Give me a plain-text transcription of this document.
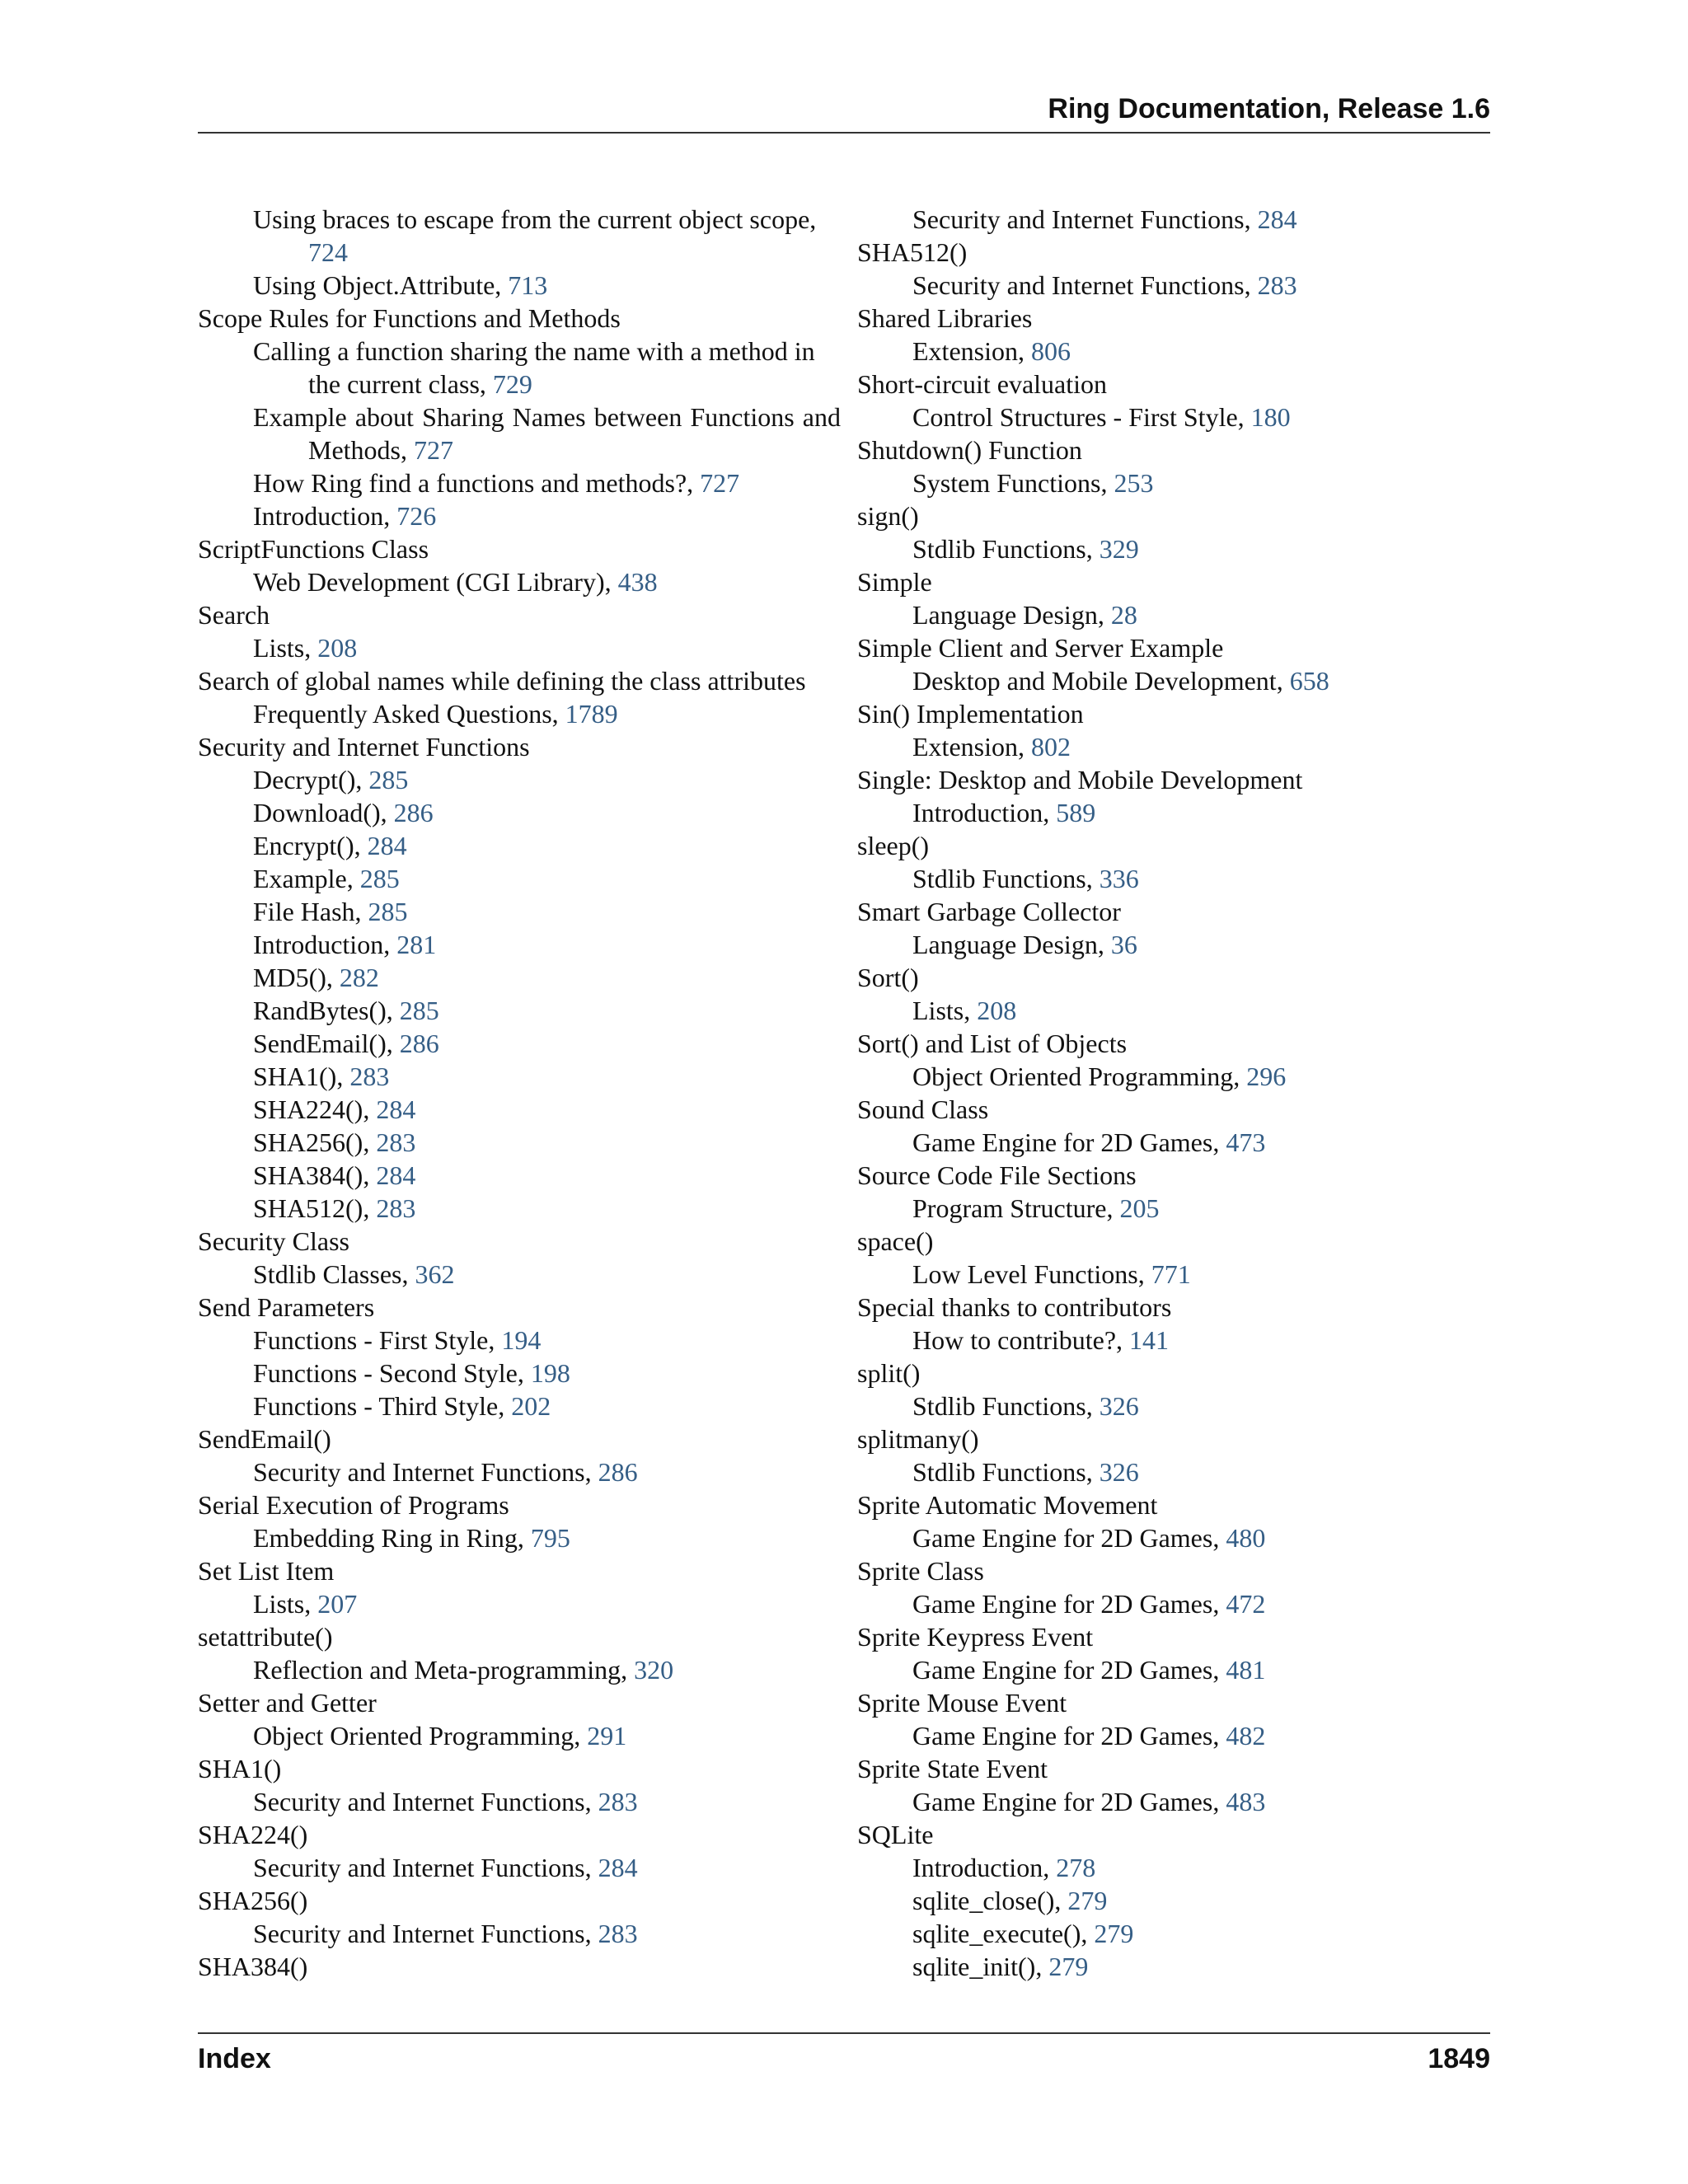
Ring Documentation, Release 1.6
Using braces to escape from the current object scope, 724
Using Object.Attribute, 713
Scope Rules for Functions and Methods
Calling a function sharing the name with a method in the current class, 729
Example about Sharing Names between Functions and Methods, 727
How Ring find a functions and methods?, 727
Introduction, 726
ScriptFunctions Class
Web Development (CGI Library), 438
Search
Lists, 208
Search of global names while defining the class attributes
Frequently Asked Questions, 1789
Security and Internet Functions
Decrypt(), 285
Download(), 286
Encrypt(), 284
Example, 285
File Hash, 285
Introduction, 281
MD5(), 282
RandBytes(), 285
SendEmail(), 286
SHA1(), 283
SHA224(), 284
SHA256(), 283
SHA384(), 284
SHA512(), 283
Security Class
Stdlib Classes, 362
Send Parameters
Functions - First Style, 194
Functions - Second Style, 198
Functions - Third Style, 202
SendEmail()
Security and Internet Functions, 286
Serial Execution of Programs
Embedding Ring in Ring, 795
Set List Item
Lists, 207
setattribute()
Reflection and Meta-programming, 320
Setter and Getter
Object Oriented Programming, 291
SHA1()
Security and Internet Functions, 283
SHA224()
Security and Internet Functions, 284
SHA256()
Security and Internet Functions, 283
SHA384()
Security and Internet Functions, 284
SHA512()
Security and Internet Functions, 283
Shared Libraries
Extension, 806
Short-circuit evaluation
Control Structures - First Style, 180
Shutdown() Function
System Functions, 253
sign()
Stdlib Functions, 329
Simple
Language Design, 28
Simple Client and Server Example
Desktop and Mobile Development, 658
Sin() Implementation
Extension, 802
Single: Desktop and Mobile Development
Introduction, 589
sleep()
Stdlib Functions, 336
Smart Garbage Collector
Language Design, 36
Sort()
Lists, 208
Sort() and List of Objects
Object Oriented Programming, 296
Sound Class
Game Engine for 2D Games, 473
Source Code File Sections
Program Structure, 205
space()
Low Level Functions, 771
Special thanks to contributors
How to contribute?, 141
split()
Stdlib Functions, 326
splitmany()
Stdlib Functions, 326
Sprite Automatic Movement
Game Engine for 2D Games, 480
Sprite Class
Game Engine for 2D Games, 472
Sprite Keypress Event
Game Engine for 2D Games, 481
Sprite Mouse Event
Game Engine for 2D Games, 482
Sprite State Event
Game Engine for 2D Games, 483
SQLite
Introduction, 278
sqlite_close(), 279
sqlite_execute(), 279
sqlite_init(), 279
Index	1849
